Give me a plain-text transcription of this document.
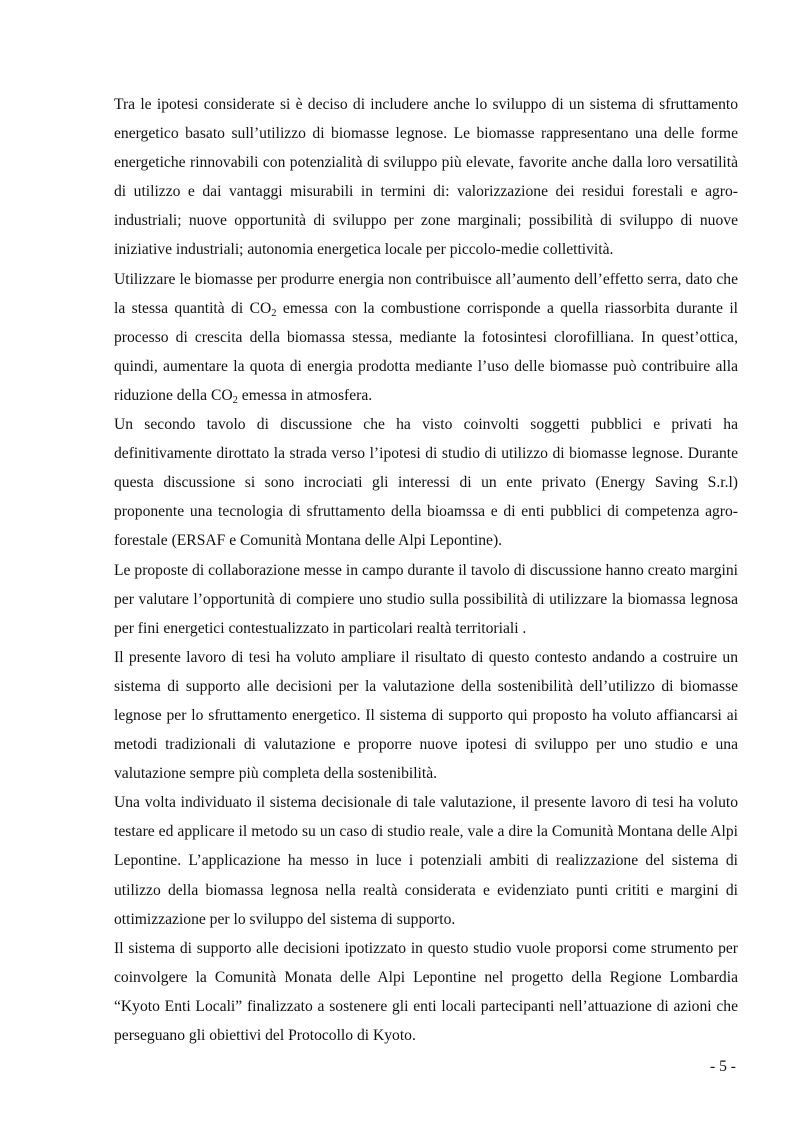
Tra le ipotesi considerate si è deciso di includere anche lo sviluppo di un sistema di sfruttamento energetico basato sull’utilizzo di biomasse legnose. Le biomasse rappresentano una delle forme energetiche rinnovabili con potenzialità di sviluppo più elevate, favorite anche dalla loro versatilità di utilizzo e dai vantaggi misurabili in termini di: valorizzazione dei residui forestali e agro-industriali; nuove opportunità di sviluppo per zone marginali; possibilità di sviluppo di nuove iniziative industriali; autonomia energetica locale per piccolo-medie collettività.

Utilizzare le biomasse per produrre energia non contribuisce all’aumento dell’effetto serra, dato che la stessa quantità di $CO_2$ emessa con la combustione corrisponde a quella riassorbita durante il processo di crescita della biomassa stessa, mediante la fotosintesi clorofilliana. In quest’ottica, quindi, aumentare la quota di energia prodotta mediante l’uso delle biomasse può contribuire alla riduzione della $CO_2$ emessa in atmosfera.

Un secondo tavolo di discussione che ha visto coinvolti soggetti pubblici e privati ha definitivamente dirottato la strada verso l’ipotesi di studio di utilizzo di biomasse legnose. Durante questa discussione si sono incrociati gli interessi di un ente privato (Energy Saving S.r.l) proponente una tecnologia di sfruttamento della bioamssa e di enti pubblici di competenza agro-forestale (ERSAF e Comunità Montana delle Alpi Lepontine).

Le proposte di collaborazione messe in campo durante il tavolo di discussione hanno creato margini per valutare l’opportunità di compiere uno studio sulla possibilità di utilizzare la biomassa legnosa per fini energetici contestualizzato in particolari realtà territoriali .

Il presente lavoro di tesi ha voluto ampliare il risultato di questo contesto andando a costruire un sistema di supporto alle decisioni per la valutazione della sostenibilità dell’utilizzo di biomasse legnose per lo sfruttamento energetico. Il sistema di supporto qui proposto ha voluto affiancarsi ai metodi tradizionali di valutazione e proporre nuove ipotesi di sviluppo per uno studio e una valutazione sempre più completa della sostenibilità.

Una volta individuato il sistema decisionale di tale valutazione, il presente lavoro di tesi ha voluto testare ed applicare il metodo su un caso di studio reale, vale a dire la Comunità Montana delle Alpi Lepontine. L’applicazione ha messo in luce i potenziali ambiti di realizzazione del sistema di utilizzo della biomassa legnosa nella realtà considerata e evidenziato punti crititi e margini di ottimizzazione per lo sviluppo del sistema di supporto.

Il sistema di supporto alle decisioni ipotizzato in questo studio vuole proporsi come strumento per coinvolgere la Comunità Monata delle Alpi Lepontine nel progetto della Regione Lombardia “Kyoto Enti Locali” finalizzato a sostenere gli enti locali partecipanti nell’attuazione di azioni che perseguano gli obiettivi del Protocollo di Kyoto.

- 5 -
